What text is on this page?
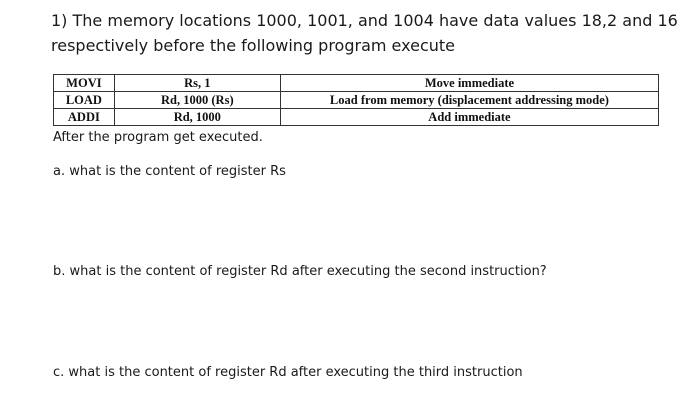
1) The memory locations 1000, 1001, and 1004 have data values 18,2 and 16 respectively before the following program execute

MOVI	Rs, 1	Move immediate
LOAD	Rd, 1000 (Rs)	Load from memory (displacement addressing mode)
ADDI	Rd, 1000	Add immediate

After the program get executed.

a. what is the content of register Rs

b. what is the content of register Rd after executing the second instruction?

c. what is the content of register Rd after executing the third instruction
